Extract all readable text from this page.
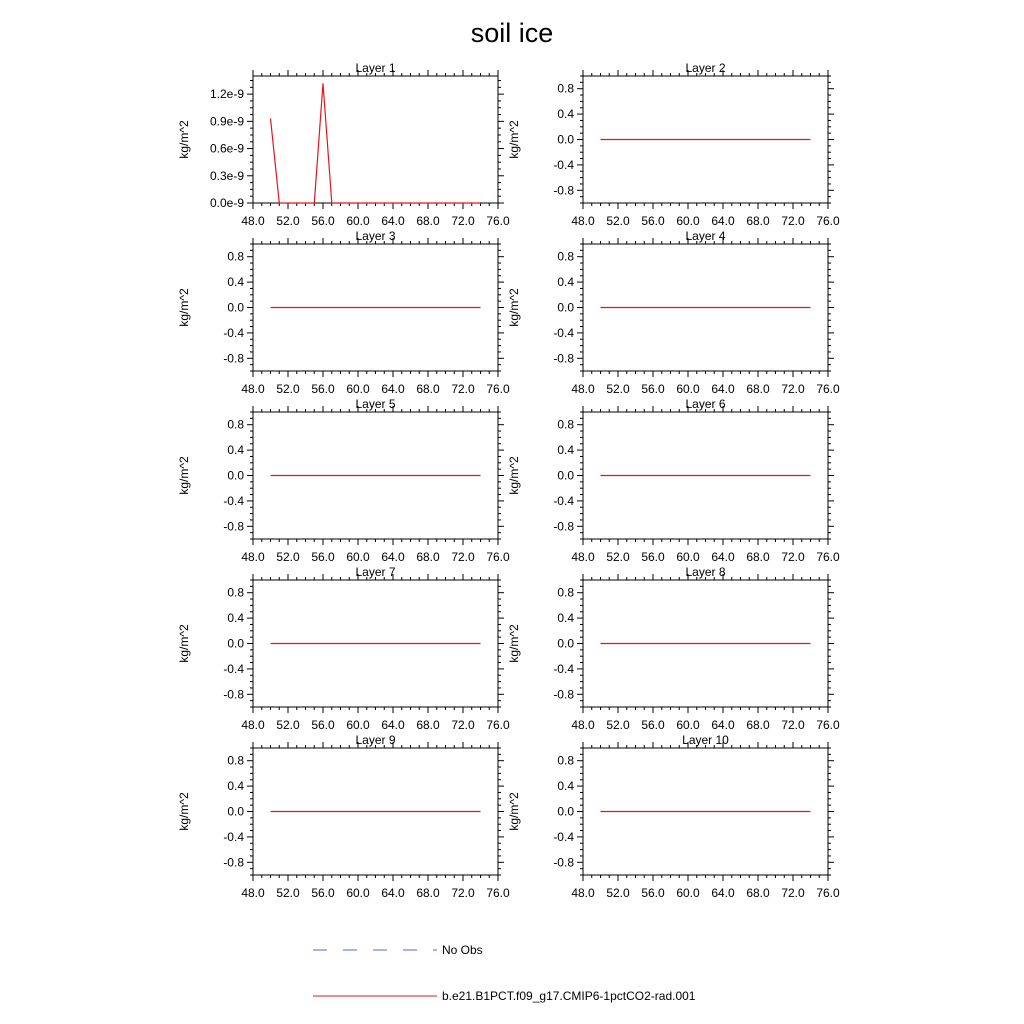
soil ice
Layer 1
48.0 52.0 56.0 60.0 64.0 68.0 72.0 76.0
0.0e-9
0.3e-9
0.6e-9
0.9e-9
1.2e-9
kg/m^2
Layer 2
48.0 52.0 56.0 60.0 64.0 68.0 72.0 76.0
-0.8
-0.4
0.0
0.4
0.8
kg/m^2
Layer 3
48.0 52.0 56.0 60.0 64.0 68.0 72.0 76.0
-0.8
-0.4
0.0
0.4
0.8
kg/m^2
Layer 4
48.0 52.0 56.0 60.0 64.0 68.0 72.0 76.0
-0.8
-0.4
0.0
0.4
0.8
kg/m^2
Layer 5
48.0 52.0 56.0 60.0 64.0 68.0 72.0 76.0
-0.8
-0.4
0.0
0.4
0.8
kg/m^2
Layer 6
48.0 52.0 56.0 60.0 64.0 68.0 72.0 76.0
-0.8
-0.4
0.0
0.4
0.8
kg/m^2
Layer 7
48.0 52.0 56.0 60.0 64.0 68.0 72.0 76.0
-0.8
-0.4
0.0
0.4
0.8
kg/m^2
Layer 8
48.0 52.0 56.0 60.0 64.0 68.0 72.0 76.0
-0.8
-0.4
0.0
0.4
0.8
kg/m^2
Layer 9
48.0 52.0 56.0 60.0 64.0 68.0 72.0 76.0
-0.8
-0.4
0.0
0.4
0.8
kg/m^2
Layer 10
48.0 52.0 56.0 60.0 64.0 68.0 72.0 76.0
-0.8
-0.4
0.0
0.4
0.8
kg/m^2
No Obs
b.e21.B1PCT.f09_g17.CMIP6-1pctCO2-rad.001
